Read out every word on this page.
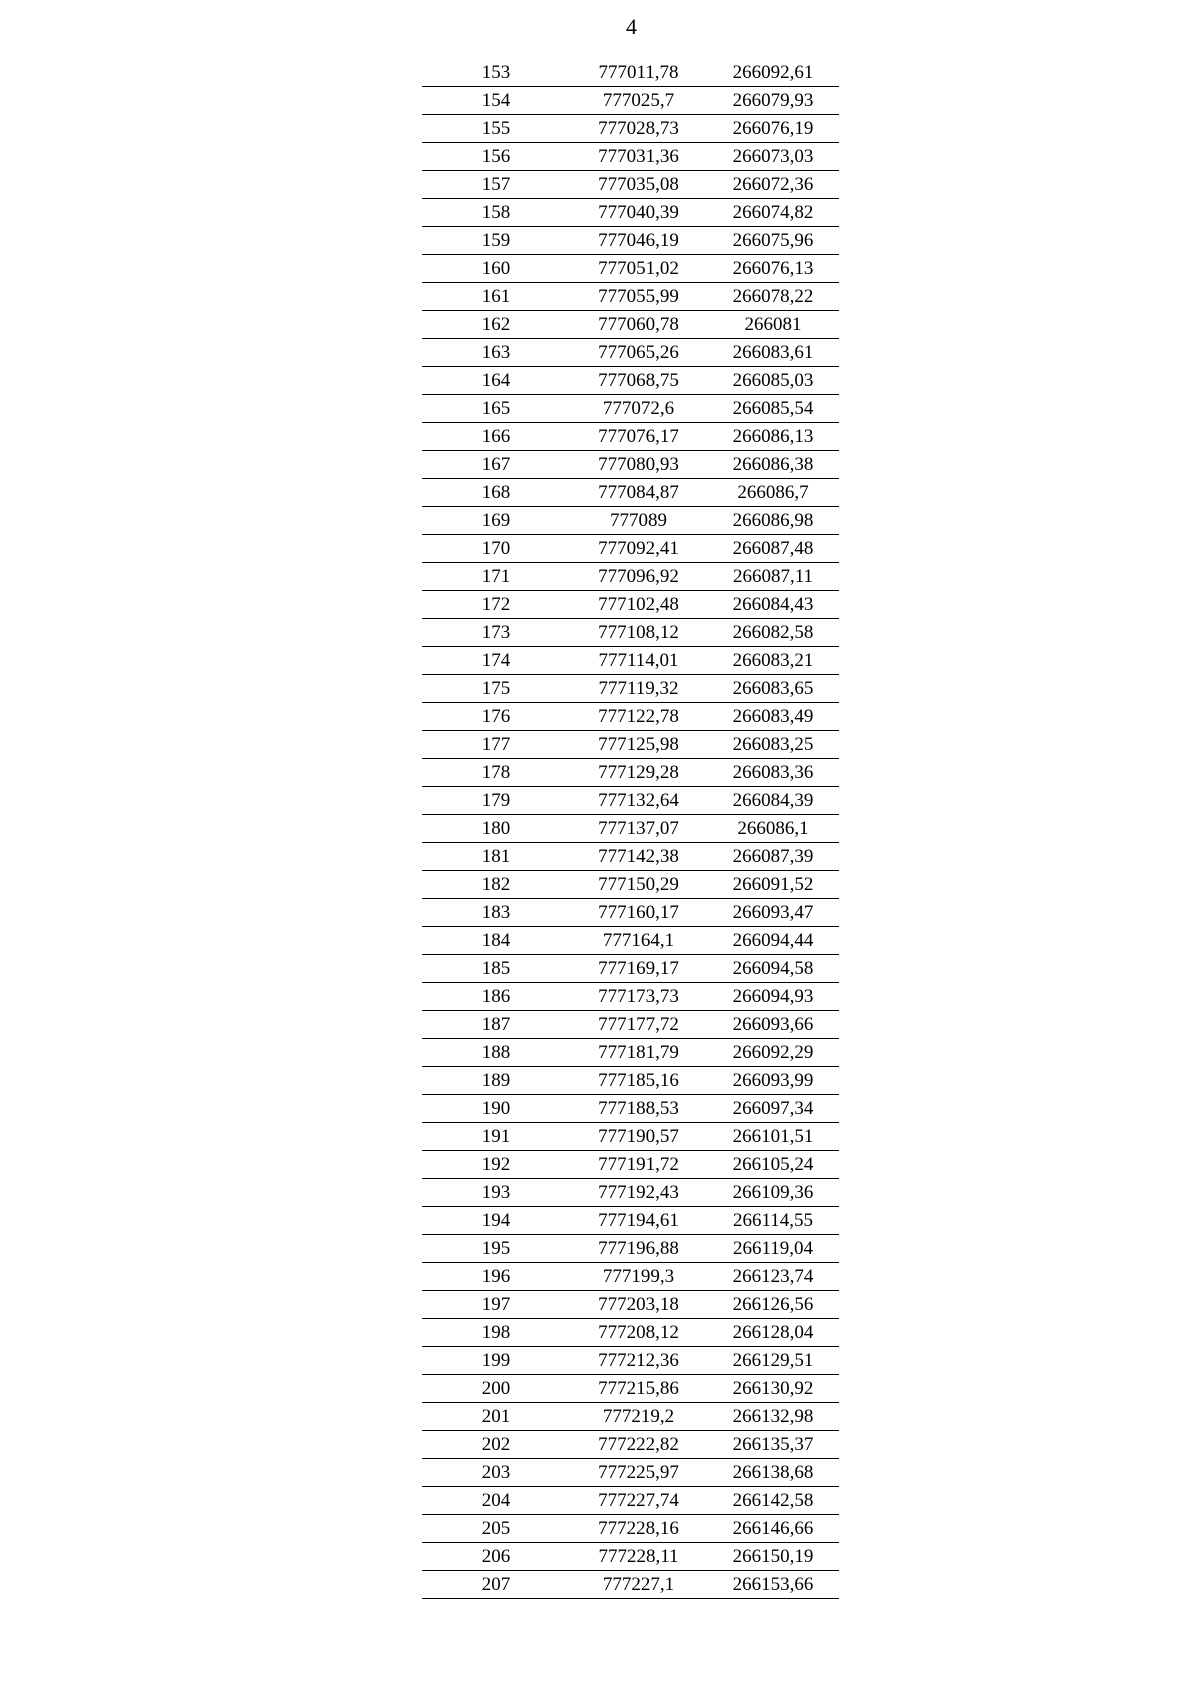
4
153	777011,78	266092,61
154	777025,7	266079,93
155	777028,73	266076,19
156	777031,36	266073,03
157	777035,08	266072,36
158	777040,39	266074,82
159	777046,19	266075,96
160	777051,02	266076,13
161	777055,99	266078,22
162	777060,78	266081
163	777065,26	266083,61
164	777068,75	266085,03
165	777072,6	266085,54
166	777076,17	266086,13
167	777080,93	266086,38
168	777084,87	266086,7
169	777089	266086,98
170	777092,41	266087,48
171	777096,92	266087,11
172	777102,48	266084,43
173	777108,12	266082,58
174	777114,01	266083,21
175	777119,32	266083,65
176	777122,78	266083,49
177	777125,98	266083,25
178	777129,28	266083,36
179	777132,64	266084,39
180	777137,07	266086,1
181	777142,38	266087,39
182	777150,29	266091,52
183	777160,17	266093,47
184	777164,1	266094,44
185	777169,17	266094,58
186	777173,73	266094,93
187	777177,72	266093,66
188	777181,79	266092,29
189	777185,16	266093,99
190	777188,53	266097,34
191	777190,57	266101,51
192	777191,72	266105,24
193	777192,43	266109,36
194	777194,61	266114,55
195	777196,88	266119,04
196	777199,3	266123,74
197	777203,18	266126,56
198	777208,12	266128,04
199	777212,36	266129,51
200	777215,86	266130,92
201	777219,2	266132,98
202	777222,82	266135,37
203	777225,97	266138,68
204	777227,74	266142,58
205	777228,16	266146,66
206	777228,11	266150,19
207	777227,1	266153,66
